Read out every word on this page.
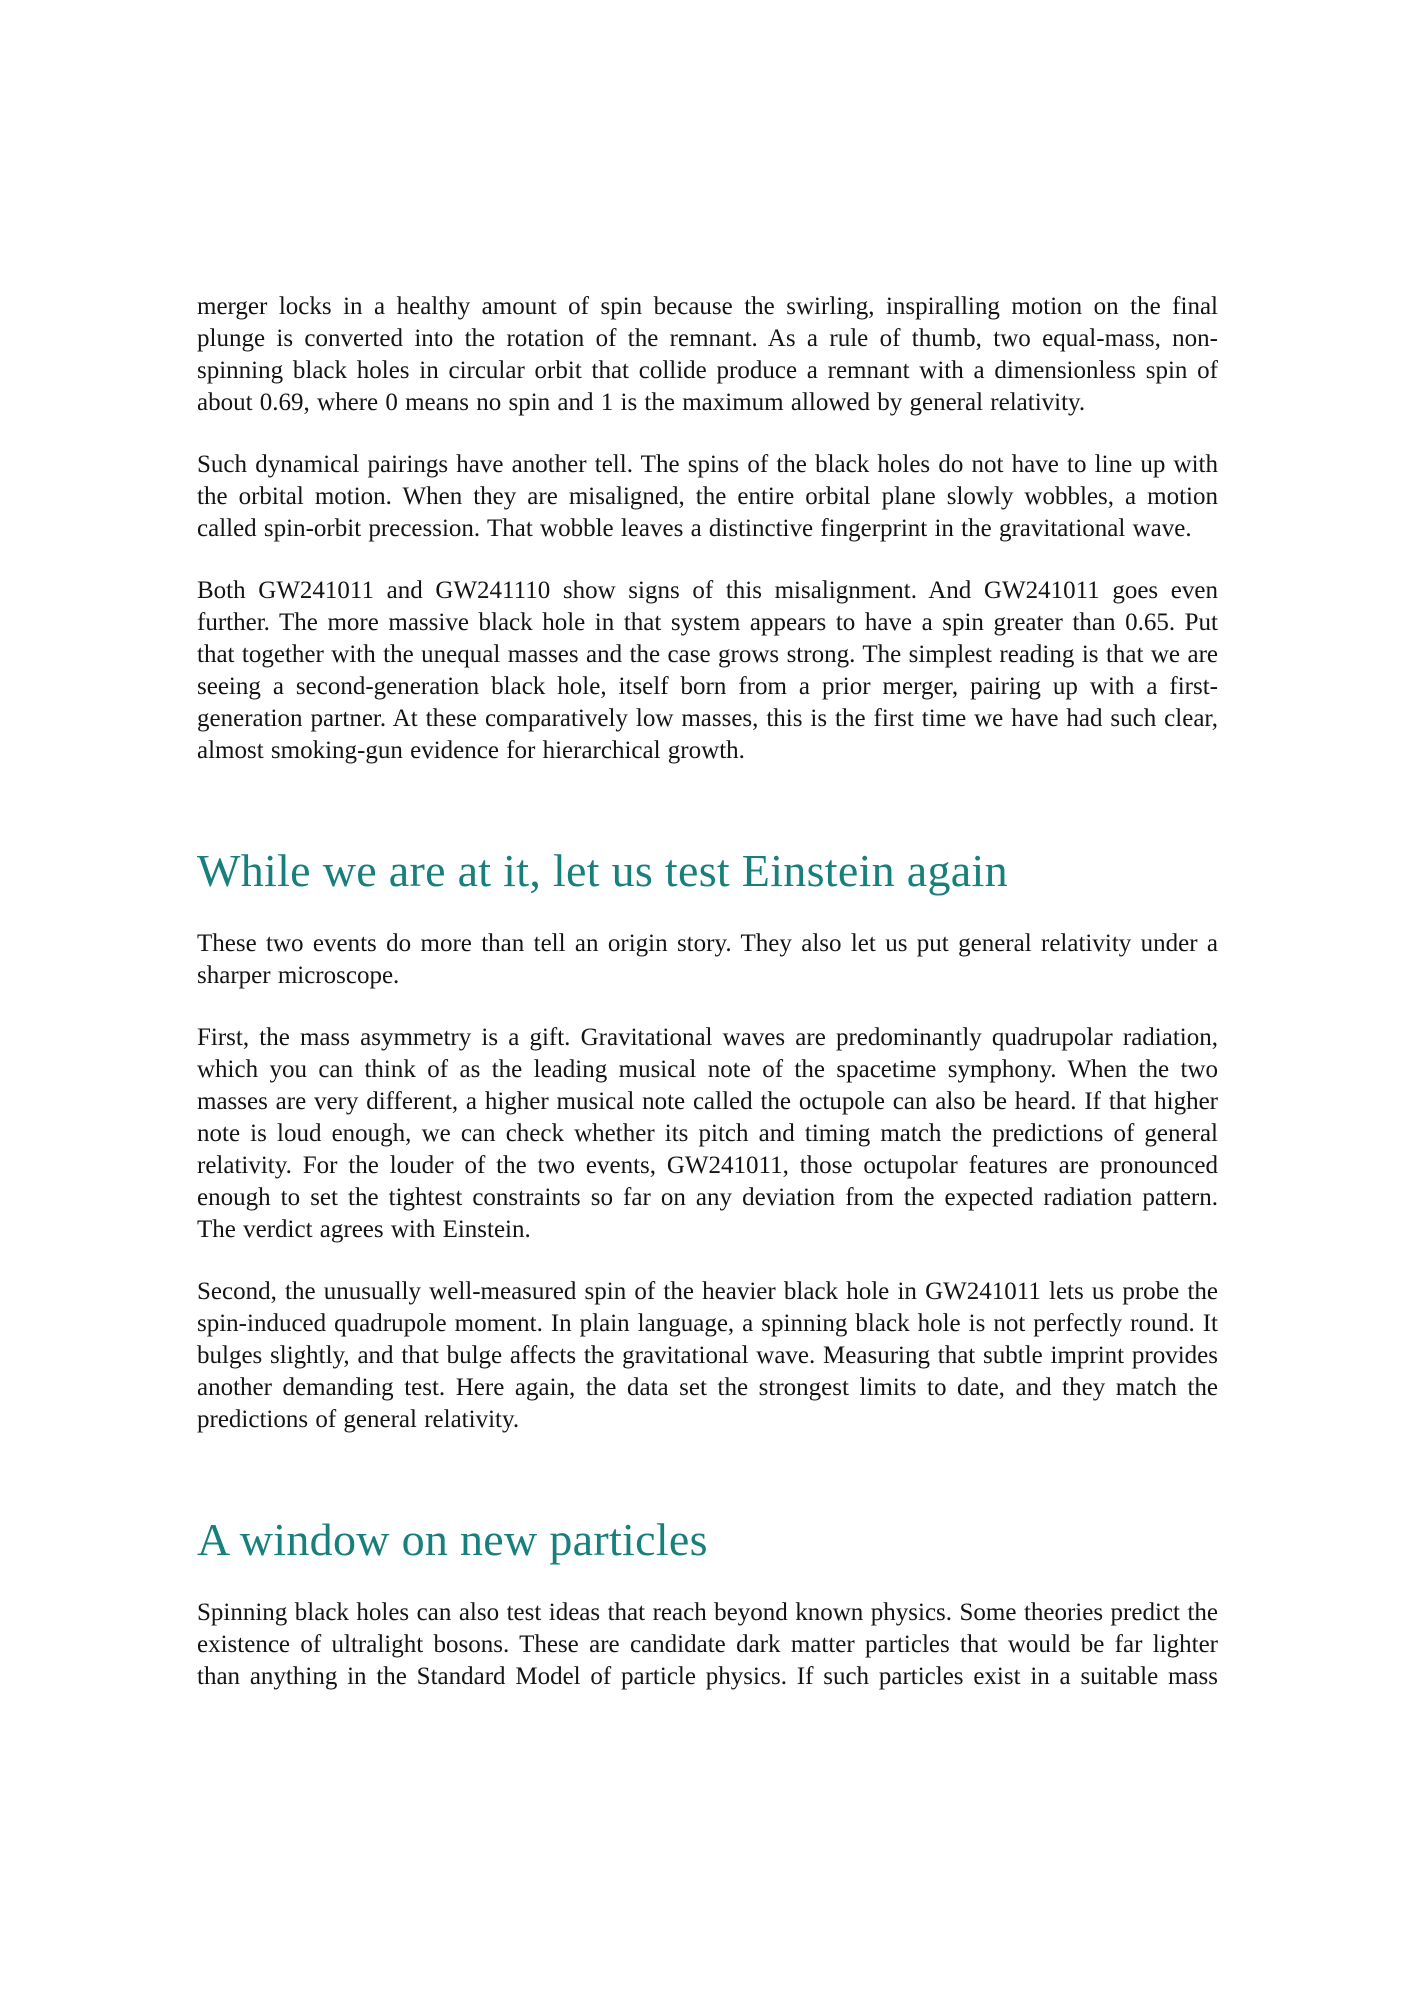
merger locks in a healthy amount of spin because the swirling, inspiralling motion on the final plunge is converted into the rotation of the remnant. As a rule of thumb, two equal-mass, non-spinning black holes in circular orbit that collide produce a remnant with a dimensionless spin of about 0.69, where 0 means no spin and 1 is the maximum allowed by general relativity.

Such dynamical pairings have another tell. The spins of the black holes do not have to line up with the orbital motion. When they are misaligned, the entire orbital plane slowly wobbles, a motion called spin-orbit precession. That wobble leaves a distinctive fingerprint in the gravitational wave.

Both GW241011 and GW241110 show signs of this misalignment. And GW241011 goes even further. The more massive black hole in that system appears to have a spin greater than 0.65. Put that together with the unequal masses and the case grows strong. The simplest reading is that we are seeing a second-generation black hole, itself born from a prior merger, pairing up with a first-generation partner. At these comparatively low masses, this is the first time we have had such clear, almost smoking-gun evidence for hierarchical growth.

While we are at it, let us test Einstein again

These two events do more than tell an origin story. They also let us put general relativity under a sharper microscope.

First, the mass asymmetry is a gift. Gravitational waves are predominantly quadrupolar radiation, which you can think of as the leading musical note of the spacetime symphony. When the two masses are very different, a higher musical note called the octupole can also be heard. If that higher note is loud enough, we can check whether its pitch and timing match the predictions of general relativity. For the louder of the two events, GW241011, those octupolar features are pronounced enough to set the tightest constraints so far on any deviation from the expected radiation pattern. The verdict agrees with Einstein.

Second, the unusually well-measured spin of the heavier black hole in GW241011 lets us probe the spin-induced quadrupole moment. In plain language, a spinning black hole is not perfectly round. It bulges slightly, and that bulge affects the gravitational wave. Measuring that subtle imprint provides another demanding test. Here again, the data set the strongest limits to date, and they match the predictions of general relativity.

A window on new particles

Spinning black holes can also test ideas that reach beyond known physics. Some theories predict the existence of ultralight bosons. These are candidate dark matter particles that would be far lighter than anything in the Standard Model of particle physics. If such particles exist in a suitable mass
